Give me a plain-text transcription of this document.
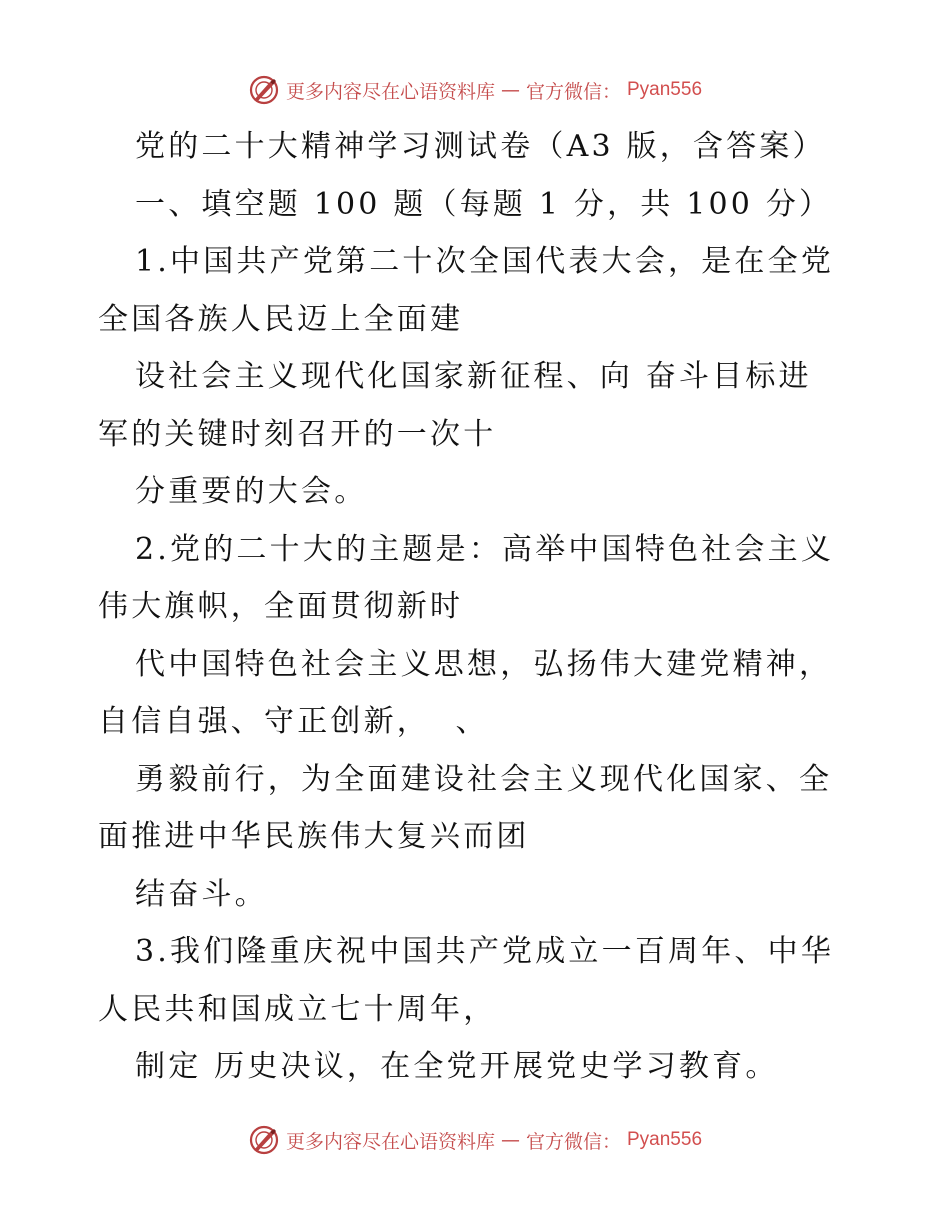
更多内容尽在心语资料库 — 官方微信： Pyan556
党的二十大精神学习测试卷（A3 版，含答案）
一、填空题 100 题（每题 1 分，共 100 分）
1.中国共产党第二十次全国代表大会，是在全党
全国各族人民迈上全面建
设社会主义现代化国家新征程、向 奋斗目标进
军的关键时刻召开的一次十
分重要的大会。
2.党的二十大的主题是：高举中国特色社会主义
伟大旗帜，全面贯彻新时
代中国特色社会主义思想，弘扬伟大建党精神，
自信自强、守正创新，  、
勇毅前行，为全面建设社会主义现代化国家、全
面推进中华民族伟大复兴而团
结奋斗。
3.我们隆重庆祝中国共产党成立一百周年、中华
人民共和国成立七十周年，
制定 历史决议，在全党开展党史学习教育。
更多内容尽在心语资料库 — 官方微信： Pyan556
